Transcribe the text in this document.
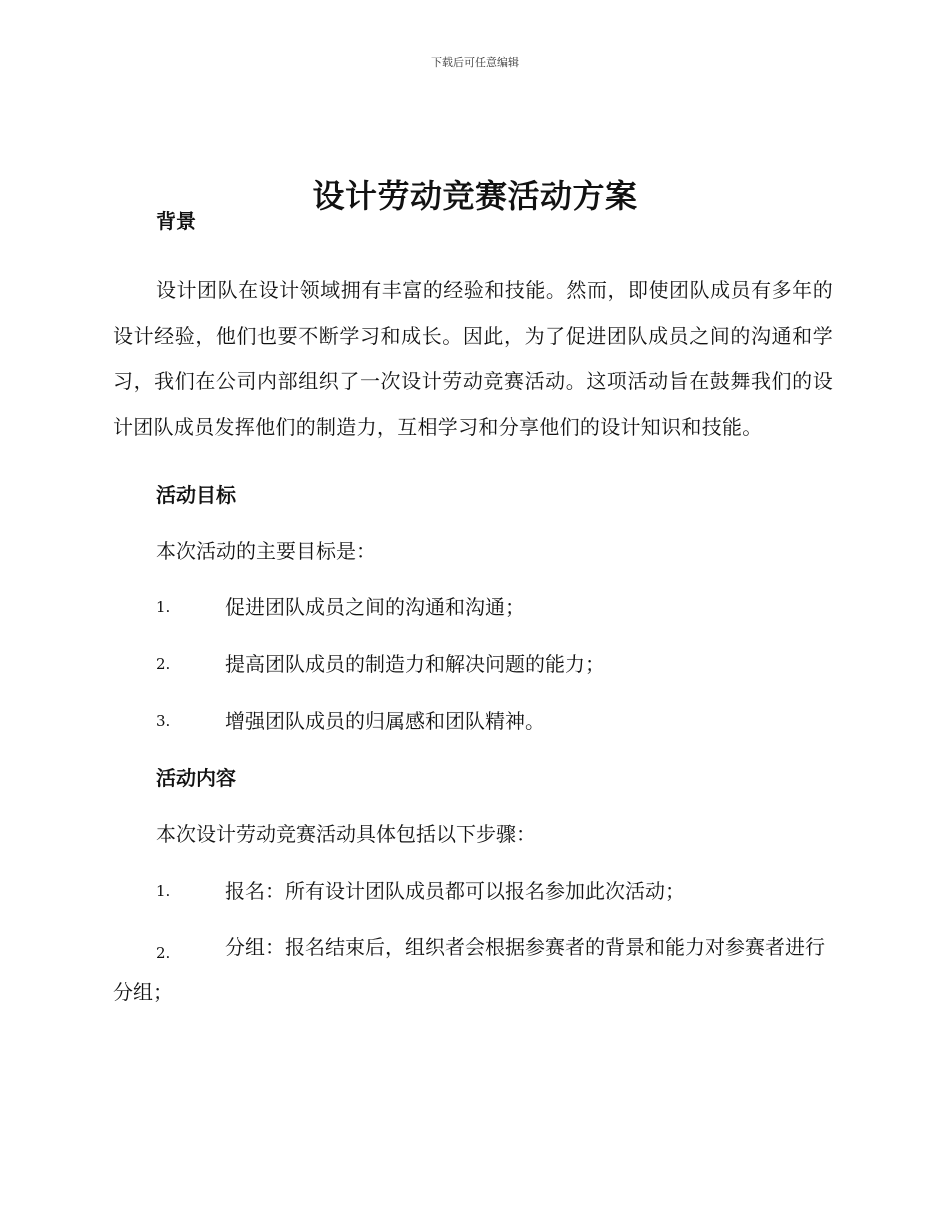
下载后可任意编辑
设计劳动竞赛活动方案

背景

设计团队在设计领域拥有丰富的经验和技能。然而，即使团队成员有多年的设计经验，他们也要不断学习和成长。因此，为了促进团队成员之间的沟通和学习，我们在公司内部组织了一次设计劳动竞赛活动。这项活动旨在鼓舞我们的设计团队成员发挥他们的制造力，互相学习和分享他们的设计知识和技能。

活动目标

本次活动的主要目标是：

1.	促进团队成员之间的沟通和沟通；

2.	提高团队成员的制造力和解决问题的能力；

3.	增强团队成员的归属感和团队精神。

活动内容

本次设计劳动竞赛活动具体包括以下步骤：

1.	报名：所有设计团队成员都可以报名参加此次活动；

2.	分组：报名结束后，组织者会根据参赛者的背景和能力对参赛者进行分组；
